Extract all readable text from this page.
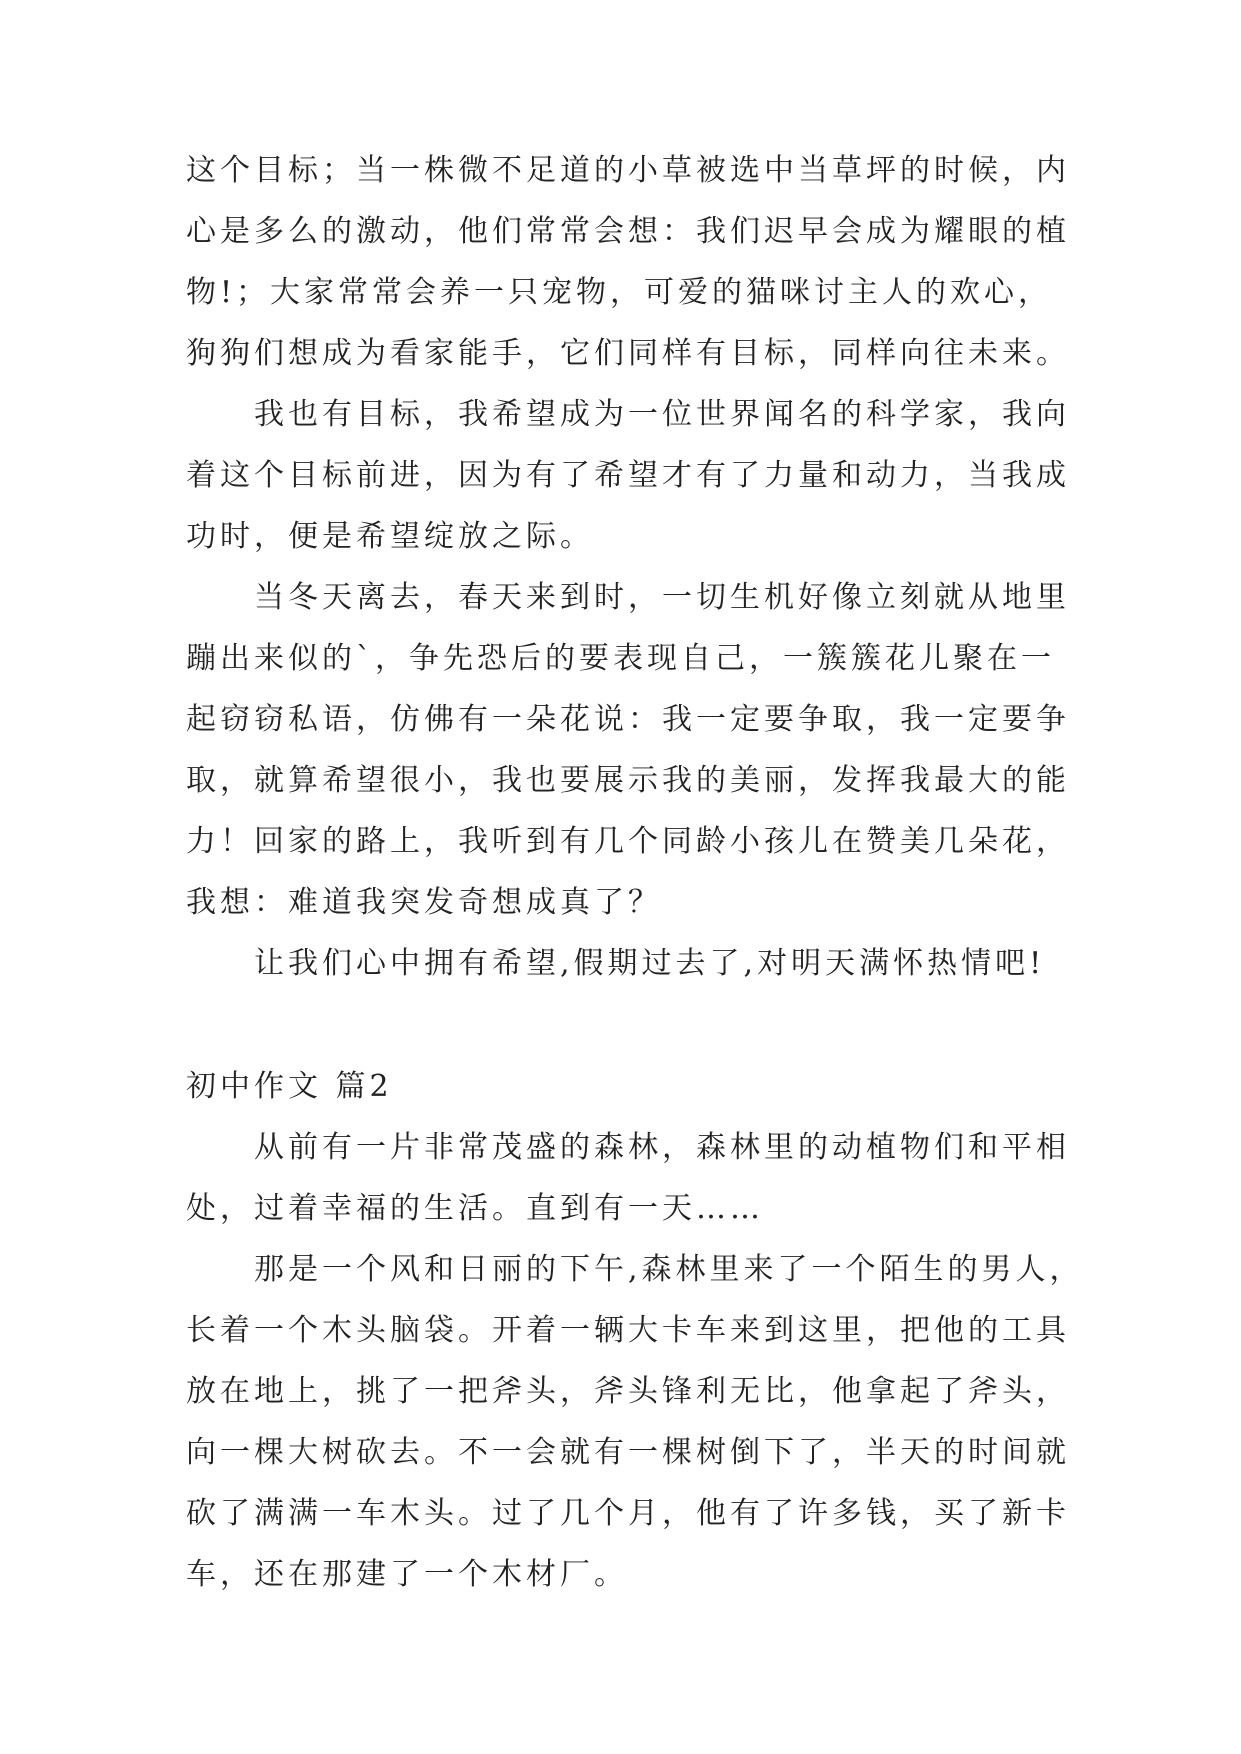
这个目标；当一株微不足道的小草被选中当草坪的时候，内
心是多么的激动，他们常常会想：我们迟早会成为耀眼的植
物!；大家常常会养一只宠物，可爱的猫咪讨主人的欢心，
狗狗们想成为看家能手，它们同样有目标，同样向往未来。
我也有目标，我希望成为一位世界闻名的科学家，我向
着这个目标前进，因为有了希望才有了力量和动力，当我成
功时，便是希望绽放之际。
当冬天离去，春天来到时，一切生机好像立刻就从地里
蹦出来似的`，争先恐后的要表现自己，一簇簇花儿聚在一
起窃窃私语，仿佛有一朵花说：我一定要争取，我一定要争
取，就算希望很小，我也要展示我的美丽，发挥我最大的能
力！回家的路上，我听到有几个同龄小孩儿在赞美几朵花，
我想：难道我突发奇想成真了？
让我们心中拥有希望,假期过去了,对明天满怀热情吧!
初中作文 篇2
从前有一片非常茂盛的森林，森林里的动植物们和平相
处，过着幸福的生活。直到有一天……
那是一个风和日丽的下午,森林里来了一个陌生的男人，
长着一个木头脑袋。开着一辆大卡车来到这里，把他的工具
放在地上，挑了一把斧头，斧头锋利无比，他拿起了斧头，
向一棵大树砍去。不一会就有一棵树倒下了，半天的时间就
砍了满满一车木头。过了几个月，他有了许多钱，买了新卡
车，还在那建了一个木材厂。
